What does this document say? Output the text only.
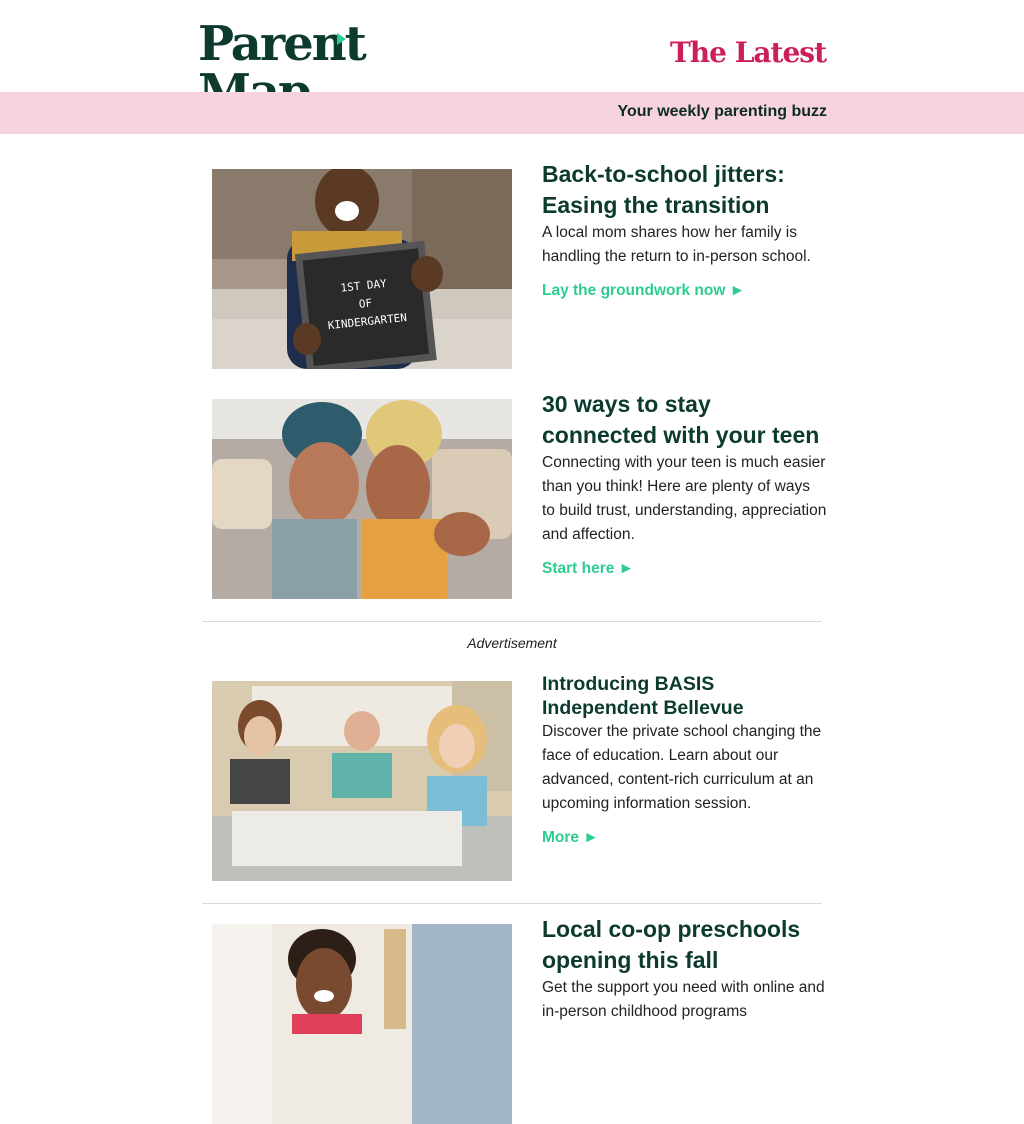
Parent	The Latest
Your weekly parenting buzz
1ST DAY
OF
KINDERGARTEN
Back-to-school jitters: Easing the transition

A local mom shares how her family is handling the return to in-person school.

Lay the groundwork now ►
30 ways to stay connected with your teen

Connecting with your teen is much easier than you think! Here are plenty of ways to build trust, understanding, appreciation and affection.

Start here ►
Advertisement
Introducing BASIS Independent Bellevue

Discover the private school changing the face of education. Learn about our advanced, content-rich curriculum at an upcoming information session.

More ►
Local co-op preschools opening this fall

Get the support you need with online and in-person childhood programs
